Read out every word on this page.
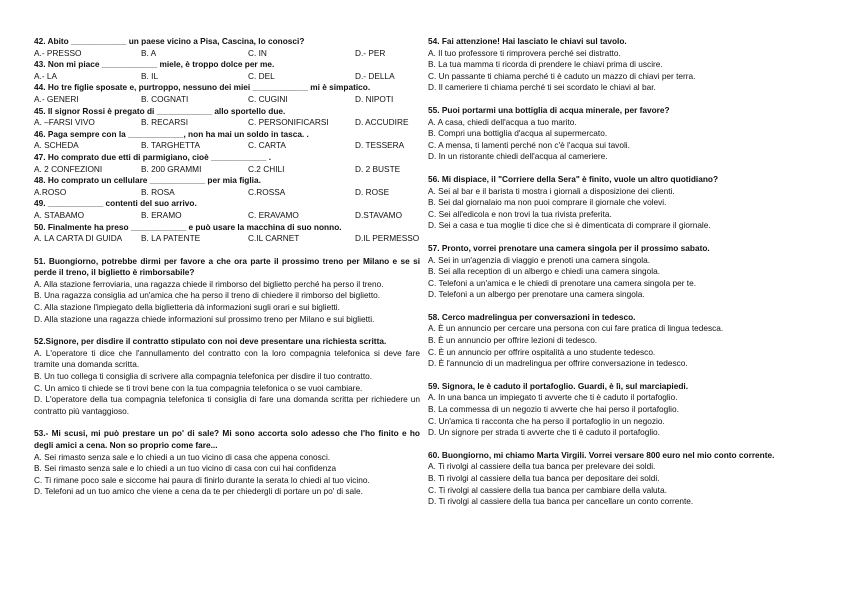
42. Abito ____________ un paese vicino a Pisa, Cascina, lo conosci?
A.- PRESSO	B. A	C. IN	D.- PER
43. Non mi piace ____________ miele, è troppo dolce per me.
A.- LA	B. IL	C. DEL	D.- DELLA
44. Ho tre figlie sposate e, purtroppo, nessuno dei miei ____________ mi è simpatico.
A.- GENERI	B. COGNATI	C. CUGINI	D. NIPOTI
45. Il signor Rossi è pregato di ____________ allo sportello due.
A. –FARSI VIVO	B. RECARSI	C. PERSONIFICARSI	D. ACCUDIRE
46. Paga sempre con la ____________, non ha mai un soldo in tasca. .
A. SCHEDA	B. TARGHETTA	C. CARTA	D. TESSERA
47. Ho comprato due etti di parmigiano, cioè ____________ .
A. 2 CONFEZIONI	B. 200 GRAMMI	C.2 CHILI	D. 2 BUSTE
48. Ho comprato un cellulare ____________ per mia figlia.
A.ROSO	B. ROSA	C.ROSSA	D. ROSE
49. ____________ contenti del suo arrivo.
A. STABAMO	B. ERAMO	C. ERAVAMO	D.STAVAMO
50. Finalmente ha preso ____________ e può usare la macchina di suo nonno.
A. LA CARTA DI GUIDA	B. LA PATENTE	C.IL CARNET	D.IL PERMESSO
51. Buongiorno, potrebbe dirmi per favore a che ora parte il prossimo treno per Milano e se si perde il treno, il biglietto è rimborsabile?
A. Alla stazione ferroviaria, una ragazza chiede il rimborso del biglietto perché ha perso il treno.
B. Una ragazza consiglia ad un'amica che ha perso il treno di chiedere il rimborso del biglietto.
C. Alla stazione l'impiegato della biglietteria dà informazioni sugli orari e sui biglietti.
D. Alla stazione una ragazza chiede informazioni sul prossimo treno per Milano e sui biglietti.
52.Signore, per disdire il contratto stipulato con noi deve presentare una richiesta scritta.
A. L'operatore ti dice che l'annullamento del contratto con la loro compagnia telefonica si deve fare tramite una domanda scritta.
B. Un tuo collega ti consiglia di scrivere alla compagnia telefonica per disdire il tuo contratto.
C. Un amico ti chiede se ti trovi bene con la tua compagnia telefonica o se vuoi cambiare.
D. L'operatore della tua compagnia telefonica ti consiglia di fare una domanda scritta per richiedere un contratto più vantaggioso.
53.- Mi scusi, mi può prestare un po' di sale? Mi sono accorta solo adesso che l'ho finito e ho degli amici a cena. Non so proprio come fare...
A. Sei rimasto senza sale e lo chiedi a un tuo vicino di casa che appena conosci.
B. Sei rimasto senza sale e lo chiedi a un tuo vicino di casa con cui hai confidenza
C. Ti rimane poco sale e siccome hai paura di finirlo durante la serata lo chiedi al tuo vicino.
D. Telefoni ad un tuo amico che viene a cena da te per chiedergli di portare un po' di sale.
54. Fai attenzione! Hai lasciato le chiavi sul tavolo.
A. Il tuo professore ti rimprovera perché sei distratto.
B. La tua mamma ti ricorda di prendere le chiavi prima di uscire.
C. Un passante ti chiama perché ti è caduto un mazzo di chiavi per terra.
D. Il cameriere ti chiama perché ti sei scordato le chiavi al bar.
55. Puoi portarmi una bottiglia di acqua minerale, per favore?
A. A casa, chiedi dell'acqua a tuo marito.
B. Compri una bottiglia d'acqua al supermercato.
C. A mensa, ti lamenti perché non c'è l'acqua sui tavoli.
D. In un ristorante chiedi dell'acqua al cameriere.
56. Mi dispiace, il "Corriere della Sera" è finito, vuole un altro quotidiano?
A. Sei al bar e il barista ti mostra i giornali a disposizione dei clienti.
B. Sei dal giornalaio ma non puoi comprare il giornale che volevi.
C. Sei all'edicola e non trovi la tua rivista preferita.
D. Sei a casa e tua moglie ti dice che si è dimenticata di comprare il giornale.
57. Pronto, vorrei prenotare una camera singola per il prossimo sabato.
A. Sei in un'agenzia di viaggio e prenoti una camera singola.
B. Sei alla reception di un albergo e chiedi una camera singola.
C. Telefoni a un'amica e le chiedi di prenotare una camera singola per te.
D. Telefoni a un albergo per prenotare una camera singola.
58. Cerco madrelingua per conversazioni in tedesco.
A. È un annuncio per cercare una persona con cui fare pratica di lingua tedesca.
B. È un annuncio per offrire lezioni di tedesco.
C. È un annuncio per offrire ospitalità a uno studente tedesco.
D. È l'annuncio di un madrelingua per offrire conversazione in tedesco.
59. Signora, le è caduto il portafoglio. Guardi, è lì, sul marciapiedi.
A. In una banca un impiegato ti avverte che ti è caduto il portafoglio.
B. La commessa di un negozio ti avverte che hai perso il portafoglio.
C. Un'amica ti racconta che ha perso il portafoglio in un negozio.
D. Un signore per strada ti avverte che ti è caduto il portafoglio.
60. Buongiorno, mi chiamo Marta Virgili. Vorrei versare 800 euro nel mio conto corrente.
A. Ti rivolgi al cassiere della tua banca per prelevare dei soldi.
B. Ti rivolgi al cassiere della tua banca per depositare dei soldi.
C. Ti rivolgi al cassiere della tua banca per cambiare della valuta.
D. Ti rivolgi al cassiere della tua banca per cancellare un conto corrente.
